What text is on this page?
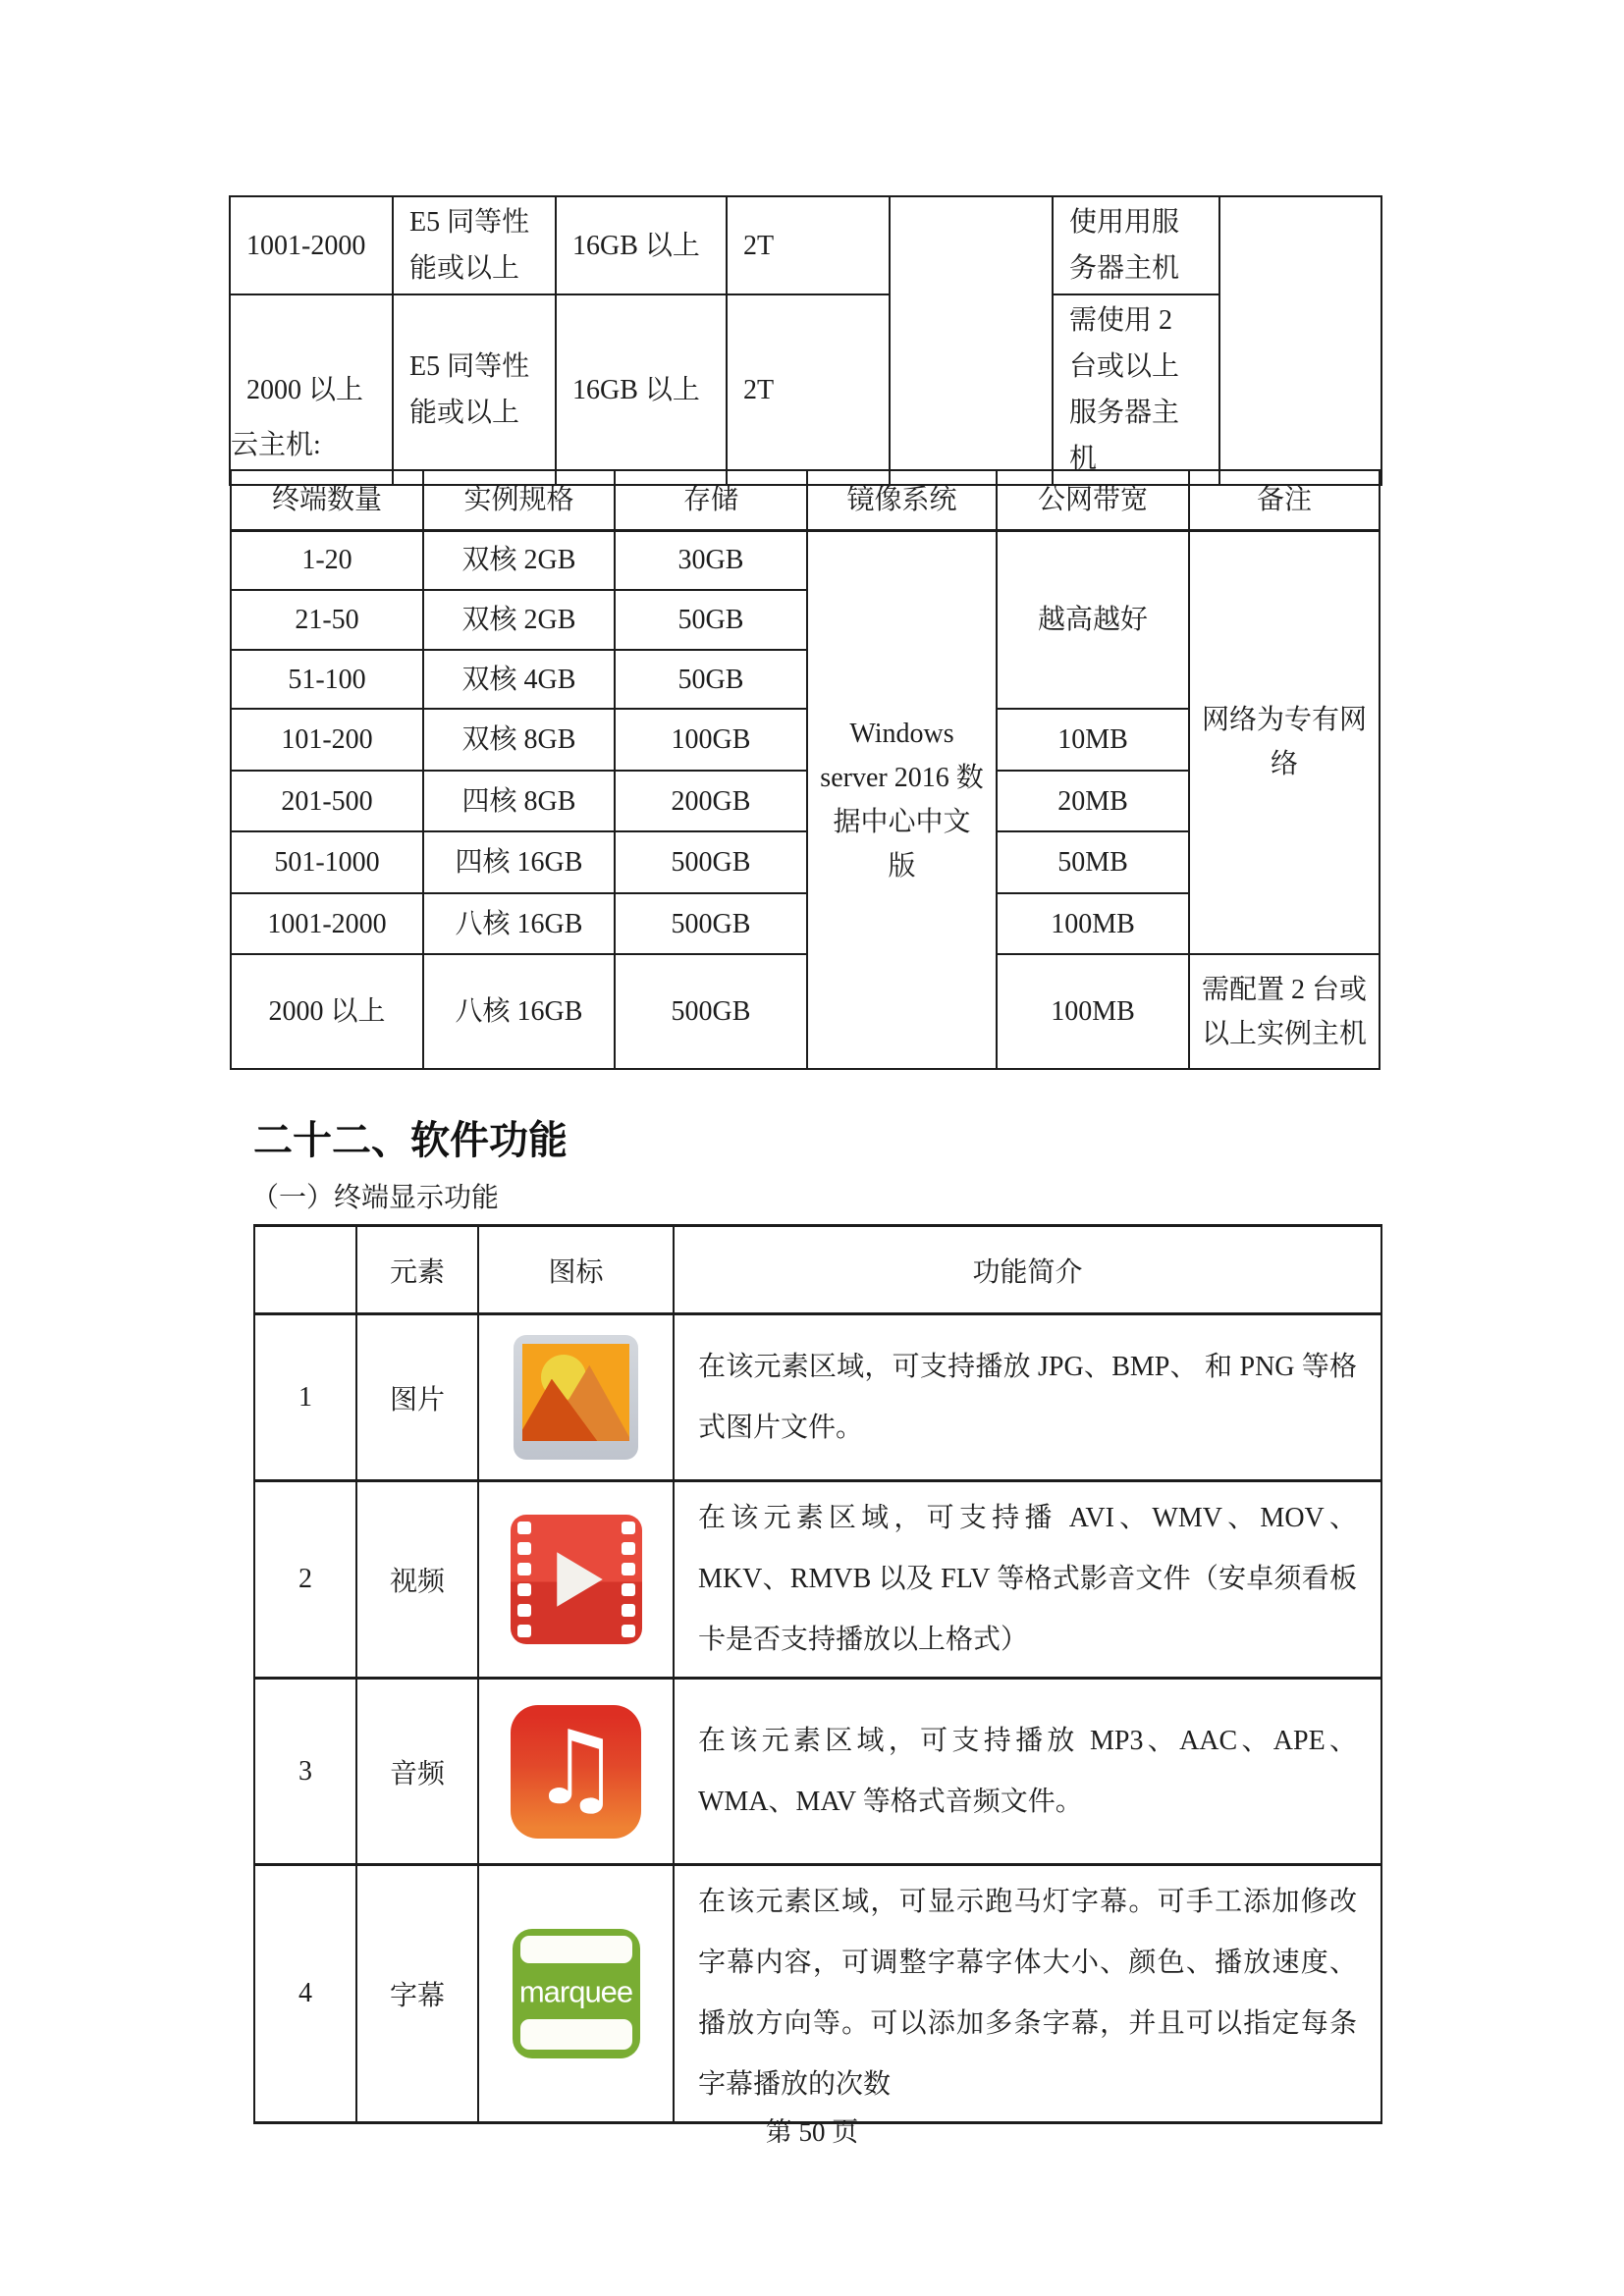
1001-2000	E5 同等性能或以上	16GB 以上	2T		使用用服务器主机	
2000 以上	E5 同等性能或以上	16GB 以上	2T		需使用 2 台或以上服务器主机	
云主机:
终端数量	实例规格	存储	镜像系统	公网带宽	备注
1-20	双核 2GB	30GB	Windows server 2016 数据中心中文版	越高越好	网络为专有网络
21-50	双核 2GB	50GB			
51-100	双核 4GB	50GB			
101-200	双核 8GB	100GB		10MB	
201-500	四核 8GB	200GB		20MB	
501-1000	四核 16GB	500GB		50MB	
1001-2000	八核 16GB	500GB		100MB	
2000 以上	八核 16GB	500GB		100MB	需配置 2 台或以上实例主机
二十二、软件功能
（一）终端显示功能
	元素	图标	功能简介
1	图片		在该元素区域，可支持播放 JPG、BMP、 和 PNG 等格式图片文件。
2	视频		在该元素区域，可支持播 AVI、WMV、MOV、MKV、RMVB 以及 FLV 等格式影音文件（安卓须看板卡是否支持播放以上格式）
3	音频	♫	在该元素区域，可支持播放 MP3、AAC、APE、WMA、MAV 等格式音频文件。
4	字幕	marquee	在该元素区域，可显示跑马灯字幕。可手工添加修改字幕内容，可调整字幕字体大小、颜色、播放速度、播放方向等。可以添加多条字幕，并且可以指定每条字幕播放的次数
第 50 页
